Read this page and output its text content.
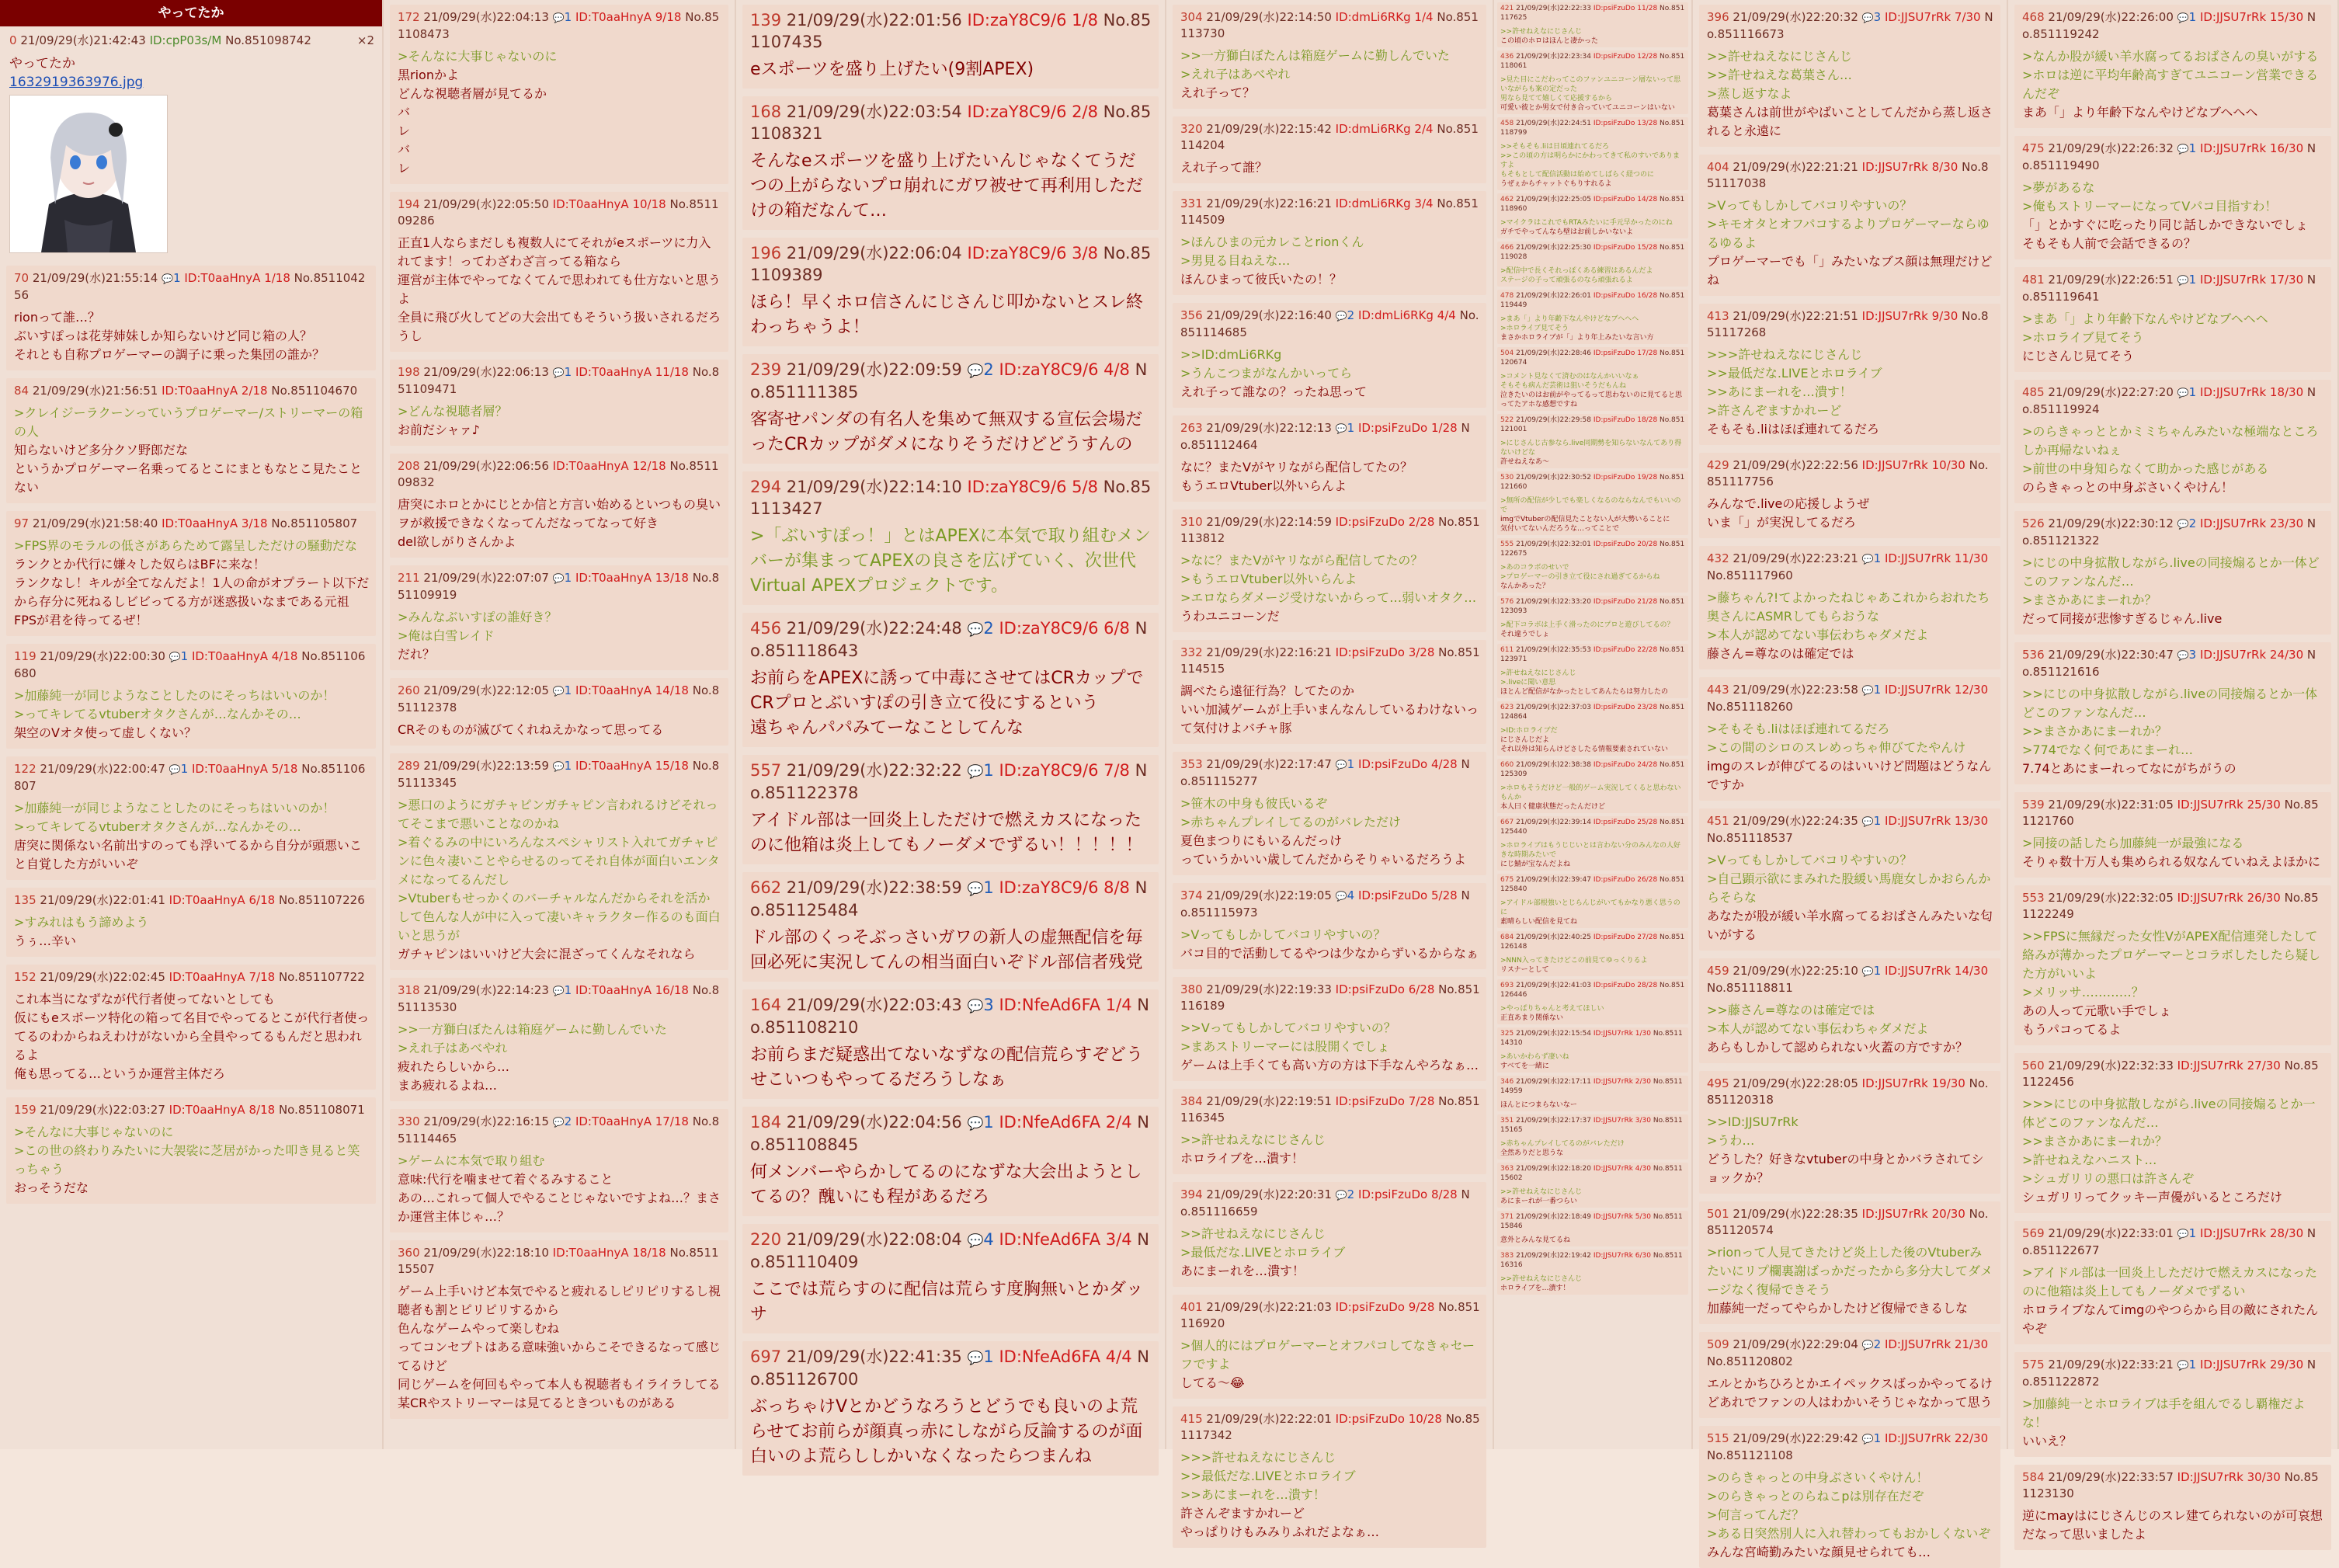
やってたか
0 21/09/29(水)21:42:43 ID:cpP03s/M No.851098742	×2
やってたか
1632919363976.jpg
70 21/09/29(水)21:55:14 💬1 ID:T0aaHnyA 1/18 No.851104256
rionって誰…？
ぶいすぽっは花芽姉妹しか知らないけど同じ箱の人？
それとも自称プロゲーマーの調子に乗った集団の誰か？
84 21/09/29(水)21:56:51 ID:T0aaHnyA 2/18 No.851104670
>クレイジーラクーンっていうプロゲーマー/ストリーマーの箱の人
知らないけど多分クソ野郎だな
というかプロゲーマー名乗ってるとこにまともなとこ見たことない
97 21/09/29(水)21:58:40 ID:T0aaHnyA 3/18 No.851105807
>FPS界のモラルの低さがあらためて露呈しただけの騒動だな
ランクとか代行に嫌々した奴らはBFに来な！
ランクなし！キルが全てなんだよ！1人の命がオプラート以下だから存分に死ねるしビビってる方が迷惑扱いなまである元祖FPSが君を待ってるぜ！
119 21/09/29(水)22:00:30 💬1 ID:T0aaHnyA 4/18 No.851106680
>加藤純一が同じようなことしたのにそっちはいいのか！
>ってキレてるvtuberオタクさんが…なんかその…
架空のVオタ使って虚しくない？
122 21/09/29(水)22:00:47 💬1 ID:T0aaHnyA 5/18 No.851106807
>加藤純一が同じようなことしたのにそっちはいいのか！
>ってキレてるvtuberオタクさんが…なんかその…
唐突に関係ない名前出すのっても浮いてるから自分が頭悪いこと自覚した方がいいぞ
135 21/09/29(水)22:01:41 ID:T0aaHnyA 6/18 No.851107226
>すみれはもう諦めよう
うぅ…辛い
152 21/09/29(水)22:02:45 ID:T0aaHnyA 7/18 No.851107722
これ本当になずなが代行者使ってないとしても
仮にもeスポーツ特化の箱って名目でやってるとこが代行者使ってるのわからねえわけがないから全員やってるもんだと思われるよ
俺も思ってる…というか運営主体だろ
159 21/09/29(水)22:03:27 ID:T0aaHnyA 8/18 No.851108071
>そんなに大事じゃないのに
>この世の終わりみたいに大袈裟に芝居がかった叩き見ると笑っちゃう
おっそうだな
172 21/09/29(水)22:04:13 💬1 ID:T0aaHnyA 9/18 No.851108473
>そんなに大事じゃないのに
黒rionかよ
どんな視聴者層が見てるか
バ
レ
バ
レ
194 21/09/29(水)22:05:50 ID:T0aaHnyA 10/18 No.851109286
正直1人ならまだしも複数人にてそれがeスポーツに力入れてます！ってわざわざ言ってる箱なら
運営が主体でやってなくてんで思われても仕方ないと思うよ
全員に飛び火してどの大会出てもそういう扱いされるだろうし
198 21/09/29(水)22:06:13 💬1 ID:T0aaHnyA 11/18 No.851109471
>どんな視聴者層？
お前だシャァ♪
208 21/09/29(水)22:06:56 ID:T0aaHnyA 12/18 No.851109832
唐突にホロとかにじとか信と方言い始めるといつもの臭いヲが救援できなくなってんだなってなって好き
del欲しがりさんかよ
211 21/09/29(水)22:07:07 💬1 ID:T0aaHnyA 13/18 No.851109919
>みんなぶいすぽの誰好き？
>俺は白雪レイド
だれ？
260 21/09/29(水)22:12:05 💬1 ID:T0aaHnyA 14/18 No.851112378
CRそのものが滅びてくれねえかなって思ってる
289 21/09/29(水)22:13:59 💬1 ID:T0aaHnyA 15/18 No.851113345
>悪口のようにガチャピンガチャピン言われるけどそれってそこまで悪いことなのかね
>着ぐるみの中にいろんなスペシャリスト入れてガチャピンに色々凄いことやらせるのってそれ自体が面白いエンタメになってるんだし
>Vtuberもせっかくのバーチャルなんだからそれを活かして色んな人が中に入って凄いキャラクター作るのも面白いと思うが
ガチャピンはいいけど大会に混ざってくんなそれなら
318 21/09/29(水)22:14:23 💬1 ID:T0aaHnyA 16/18 No.851113530
>>一方獅白ぼたんは箱庭ゲームに勤しんでいた
>えれ子はあべやれ
疲れたらしいから…
まあ疲れるよね…
330 21/09/29(水)22:16:15 💬2 ID:T0aaHnyA 17/18 No.851114465
>ゲームに本気で取り組む
意味:代行を噛ませて着ぐるみすること
あの…これって個人でやることじゃないですよね…？まさか運営主体じゃ…？
360 21/09/29(水)22:18:10 ID:T0aaHnyA 18/18 No.851115507
ゲーム上手いけど本気でやると疲れるしピリピリするし視聴者も割とピリピリするから
色んなゲームやって楽しむね
ってコンセプトはある意味強いからこそできるなって感じてるけど
同じゲームを何回もやって本人も視聴者もイライラしてる某CRやストリーマーは見てるときついものがある
139 21/09/29(水)22:01:56 ID:zaY8C9/6 1/8 No.851107435
eスポーツを盛り上げたい(9割APEX)
168 21/09/29(水)22:03:54 ID:zaY8C9/6 2/8 No.851108321
そんなeスポーツを盛り上げたいんじゃなくてうだつの上がらないプロ崩れにガワ被せて再利用しただけの箱だなんて…
196 21/09/29(水)22:06:04 ID:zaY8C9/6 3/8 No.851109389
ほら！早くホロ信さんにじさんじ叩かないとスレ終わっちゃうよ！
239 21/09/29(水)22:09:59 💬2 ID:zaY8C9/6 4/8 No.851111385
客寄せパンダの有名人を集めて無双する宣伝会場だったCRカップがダメになりそうだけどどうすんの
294 21/09/29(水)22:14:10 ID:zaY8C9/6 5/8 No.851113427
>「ぶいすぽっ！」とはAPEXに本気で取り組むメンバーが集まってAPEXの良さを広げていく、次世代Virtual APEXプロジェクトです。
456 21/09/29(水)22:24:48 💬2 ID:zaY8C9/6 6/8 No.851118643
お前らをAPEXに誘って中毒にさせてはCRカップでCRプロとぶいすぽの引き立て役にするという
遠ちゃんパパみてーなことしてんな
557 21/09/29(水)22:32:22 💬1 ID:zaY8C9/6 7/8 No.851122378
アイドル部は一回炎上しただけで燃えカスになったのに他箱は炎上してもノーダメでずるい！！！！！
662 21/09/29(水)22:38:59 💬1 ID:zaY8C9/6 8/8 No.851125484
ドル部のくっそぶっさいガワの新人の虚無配信を毎回必死に実況してんの相当面白いぞドル部信者残党
164 21/09/29(水)22:03:43 💬3 ID:NfeAd6FA 1/4 No.851108210
お前らまだ疑惑出てないなずなの配信荒らすぞどうせこいつもやってるだろうしなぁ
184 21/09/29(水)22:04:56 💬1 ID:NfeAd6FA 2/4 No.851108845
何メンバーやらかしてるのになずな大会出ようとしてるの？醜いにも程があるだろ
220 21/09/29(水)22:08:04 💬4 ID:NfeAd6FA 3/4 No.851110409
ここでは荒らすのに配信は荒らす度胸無いとかダッサ
697 21/09/29(水)22:41:35 💬1 ID:NfeAd6FA 4/4 No.851126700
ぶっちゃけVとかどうなろうとどうでも良いのよ荒らせてお前らが顔真っ赤にしながら反論するのが面白いのよ荒らししかいなくなったらつまんね
304 21/09/29(水)22:14:50 ID:dmLi6RKg 1/4 No.851113730
>>一方獅白ぼたんは箱庭ゲームに勤しんでいた
>えれ子はあべやれ
えれ子って？
320 21/09/29(水)22:15:42 ID:dmLi6RKg 2/4 No.851114204
えれ子って誰？
331 21/09/29(水)22:16:21 ID:dmLi6RKg 3/4 No.851114509
>ほんひまの元カレことrionくん
>男見る目ねえな…
ほんひまって彼氏いたの！？
356 21/09/29(水)22:16:40 💬2 ID:dmLi6RKg 4/4 No.851114685
>>ID:dmLi6RKg
>うんこつまがなんかいってら
えれ子って誰なの？ったね思って
263 21/09/29(水)22:12:13 💬1 ID:psiFzuDo 1/28 No.851112464
なに？またVがヤリながら配信してたの？
もうエロVtuber以外いらんよ
310 21/09/29(水)22:14:59 ID:psiFzuDo 2/28 No.851113812
>なに？またVがヤリながら配信してたの？
>もうエロVtuber以外いらんよ
>エロならダメージ受けないからって…弱いオタク…
うわユニコーンだ
332 21/09/29(水)22:16:21 ID:psiFzuDo 3/28 No.851114515
調べたら遠征行為？してたのか
いい加減ゲームが上手いまんなんしているわけないって気付けよバチャ豚
353 21/09/29(水)22:17:47 💬1 ID:psiFzuDo 4/28 No.851115277
>笹木の中身も彼氏いるぞ
>赤ちゃんプレイしてるのがバレただけ
夏色まつりにもいるんだっけ
っていうかいい歳してんだからそりゃいるだろうよ
374 21/09/29(水)22:19:05 💬4 ID:psiFzuDo 5/28 No.851115973
>Vってもしかしてバコリやすいの？
バコ目的で活動してるやつは少なからずいるからなぁ
380 21/09/29(水)22:19:33 ID:psiFzuDo 6/28 No.851116189
>>Vってもしかしてバコリやすいの？
>まあストリーマーには股開くでしょ
ゲームは上手くても高い方の方は下手なんやろなぁ…
384 21/09/29(水)22:19:51 ID:psiFzuDo 7/28 No.851116345
>>許せねえなにじさんじ
ホロライブを…潰す！
394 21/09/29(水)22:20:31 💬2 ID:psiFzuDo 8/28 No.851116659
>>許せねえなにじさんじ
>最低だな.LIVEとホロライブ
あにまーれを…潰す！
401 21/09/29(水)22:21:03 ID:psiFzuDo 9/28 No.851116920
>個人的にはプロゲーマーとオフパコしてなきゃセーフですよ
してる〜😂
415 21/09/29(水)22:22:01 ID:psiFzuDo 10/28 No.851117342
>>>許せねえなにじさんじ
>>最低だな.LIVEとホロライブ
>>あにまーれを…潰す！
許さんぞますかれーど
やっぱりけもみみりふれだよなぁ…
421 21/09/29(水)22:22:33 ID:psiFzuDo 11/28 No.851117625
>>許せねえなにじさんじ
この頃のホロはほんと凄かった
436 21/09/29(水)22:23:34 ID:psiFzuDo 12/28 No.851118061
>見た目にこだわってこのファンユニコーン層ないって思いながらも案の定だった
男なら見てて嬉しくて応援するから
可愛い彼とか男女で付き合っていてユニコーンはいない
458 21/09/29(水)22:24:51 ID:psiFzuDo 13/28 No.851118799
>>そもそも.liは日頃連れてるだろ
>>この頃の方は明らかにかわってきて私のすいでありますよ
もそもとして配信活動は始めてしばらく経つのに
うぜぇからチャットぐもりすれるよ
462 21/09/29(水)22:25:05 ID:psiFzuDo 14/28 No.851118960
>マイクラはこれでもRTAみたいに手元早かったのにね
ガチでやってんなら壁はお前しかいないよ
466 21/09/29(水)22:25:30 ID:psiFzuDo 15/28 No.851119028
>配信中で長くそれっぽくある練習はあるんだよ
ステージの子って頑張るのなら頑張れるよ
478 21/09/29(水)22:26:01 ID:psiFzuDo 16/28 No.851119449
>まあ「」より年齢下なんやけどなブヘヘヘ
>ホロライブ見てそう
まさかホロライブが「」より年上みたいな言い方
504 21/09/29(水)22:28:46 ID:psiFzuDo 17/28 No.851120674
>コメント見なくて済むのはなんかいいなぁ
そもそも病んだ芸術は狙いそうだもんね
泣きたいのはお前がやってるって思わないのに見てると思ってたアホな感想ですね
522 21/09/29(水)22:29:58 ID:psiFzuDo 18/28 No.851121001
>にじさんじ古参なら.live同期勢を知らないなんてあり得ないけどな
許せねえなあ〜
530 21/09/29(水)22:30:52 ID:psiFzuDo 19/28 No.851121660
>無所の配信が少しでも楽しくなるのならなんでもいいので
imgでVtuberの配信見たことない人が大勢いることに
気付いてないんだろうな…ってことで
555 21/09/29(水)22:32:01 ID:psiFzuDo 20/28 No.851122675
>あのコラボのせいで
>プロゲーマーの引き立て役にされ過ぎてるからね
なんかあった？
576 21/09/29(水)22:33:20 ID:psiFzuDo 21/28 No.851123093
>配下コラボは上手く滑ったのにプロと遊びしてるの？
それ違うでしょ
611 21/09/29(水)22:35:53 ID:psiFzuDo 22/28 No.851123971
>許せねえなにじさんじ
>.liveに聞い意思
ほとんど配信がなかったとしてあんたらは努力したの
623 21/09/29(水)22:37:03 ID:psiFzuDo 23/28 No.851124864
>ID:ホロライブだ
にじさんじだよ
それ以外は知らんけどさしたる情報要素されていない
660 21/09/29(水)22:38:38 ID:psiFzuDo 24/28 No.851125309
>ホロもそうだけど一般的ゲーム実況してくると思わないもんか
本人曰く健康状態だったんだけど
667 21/09/29(水)22:39:14 ID:psiFzuDo 25/28 No.851125440
>ホロライブはもうじじいとは言わない分のみんなの人好きな時期みたいで
にじ鯖が宝なんだよね
675 21/09/29(水)22:39:47 ID:psiFzuDo 26/28 No.851125840
>アイドル部根強いとじらんじがいてもかなり悪く思うのに
素晴らしい配信を見てね
684 21/09/29(水)22:40:25 ID:psiFzuDo 27/28 No.851126148
>NNN入ってきたけどこの前見てゆっくりるよ
リスナーとして
693 21/09/29(水)22:41:03 ID:psiFzuDo 28/28 No.851126446
>やっぱりちゃんと考えてほしい
正直あまり関係ない
325 21/09/29(水)22:15:54 ID:JJSU7rRk 1/30 No.851114310
>あいかわらず凄いね
すべてを一緒に
346 21/09/29(水)22:17:11 ID:JJSU7rRk 2/30 No.851114959
ほんとにつまらないなー
351 21/09/29(水)22:17:37 ID:JJSU7rRk 3/30 No.851115165
>赤ちゃんプレイしてるのがバレただけ
全然ありだと思うな
363 21/09/29(水)22:18:20 ID:JJSU7rRk 4/30 No.851115602
>>許せねえなにじさんじ
あにまーれが一番つらい
371 21/09/29(水)22:18:49 ID:JJSU7rRk 5/30 No.851115846
意外とみんな見てるね
383 21/09/29(水)22:19:42 ID:JJSU7rRk 6/30 No.851116316
>>許せねえなにじさんじ
ホロライブを…潰す！
396 21/09/29(水)22:20:32 💬3 ID:JJSU7rRk 7/30 No.851116673
>>許せねえなにじさんじ
>>許せねえな葛葉さん…
>蒸し返すなよ
葛葉さんは前世がやばいことしてんだから蒸し返されると永遠に
404 21/09/29(水)22:21:21 ID:JJSU7rRk 8/30 No.851117038
>Vってもしかしてバコリやすいの？
>キモオタとオフパコするよりプロゲーマーならゆるゆるよ
プロゲーマーでも「」みたいなブス顔は無理だけどね
413 21/09/29(水)22:21:51 ID:JJSU7rRk 9/30 No.851117268
>>>許せねえなにじさんじ
>>最低だな.LIVEとホロライブ
>>あにまーれを…潰す！
>許さんぞますかれーど
そもそも.liはほぼ連れてるだろ
429 21/09/29(水)22:22:56 ID:JJSU7rRk 10/30 No.851117756
みんなで.liveの応援しようぜ
いま「」が実況してるだろ
432 21/09/29(水)22:23:21 💬1 ID:JJSU7rRk 11/30 No.851117960
>藤ちゃん?!てよかったねじゃあこれからおれたち奥さんにASMRしてもらおうな
>本人が認めてない事伝わちゃダメだよ
藤さん=尊なのは確定では
443 21/09/29(水)22:23:58 💬1 ID:JJSU7rRk 12/30 No.851118260
>そもそも.liはほぼ連れてるだろ
>この間のシロのスレめっちゃ伸びてたやんけ
imgのスレが伸びてるのはいいけど問題はどうなんですか
451 21/09/29(水)22:24:35 💬1 ID:JJSU7rRk 13/30 No.851118537
>Vってもしかしてバコリやすいの？
>自己顕示欲にまみれた股緩い馬鹿女しかおらんからそらな
あなたが股が緩い羊水腐ってるおばさんみたいな匂いがする
459 21/09/29(水)22:25:10 💬1 ID:JJSU7rRk 14/30 No.851118811
>>藤さん=尊なのは確定では
>本人が認めてない事伝わちゃダメだよ
あらもしかして認められない火蓋の方ですか？
495 21/09/29(水)22:28:05 ID:JJSU7rRk 19/30 No.851120318
>>ID:JJSU7rRk
>うわ…
どうした？好きなvtuberの中身とかバラされてショックか？
501 21/09/29(水)22:28:35 ID:JJSU7rRk 20/30 No.851120574
>rionって人見てきたけど炎上した後のVtuberみたいにリプ欄裏謝ばっかだったから多分大してダメージなく復帰できそう
加藤純一だってやらかしたけど復帰できるしな
509 21/09/29(水)22:29:04 💬2 ID:JJSU7rRk 21/30 No.851120802
エルとかちひろとかエイペックスばっかやってるけどあれでファンの人はわかいそうじゃなかって思う
515 21/09/29(水)22:29:42 💬1 ID:JJSU7rRk 22/30 No.851121108
>のらきゃっとの中身ぶさいくやけん！
>のらきゃっとのらねこpは別存在だぞ
>何言ってんだ？
>ある日突然別人に入れ替わってもおかしくないぞ
みんな宮崎勤みたいな顔見せられても…
468 21/09/29(水)22:26:00 💬1 ID:JJSU7rRk 15/30 No.851119242
>なんか股が緩い羊水腐ってるおばさんの臭いがする
>ホロは逆に平均年齢高すぎてユニコーン営業できるんだぞ
まあ「」より年齢下なんやけどなブヘヘヘ
475 21/09/29(水)22:26:32 💬1 ID:JJSU7rRk 16/30 No.851119490
>夢があるな
>俺もストリーマーになってVパコ目指すわ！
「」とかすぐに吃ったり同じ話しかできないでしょ
そもそも人前で会話できるの？
481 21/09/29(水)22:26:51 💬1 ID:JJSU7rRk 17/30 No.851119641
>まあ「」より年齢下なんやけどなブヘヘヘ
>ホロライブ見てそう
にじさんじ見てそう
485 21/09/29(水)22:27:20 💬1 ID:JJSU7rRk 18/30 No.851119924
>のらきゃっととかミミちゃんみたいな極端なところしか再帰ないねぇ
>前世の中身知らなくて助かった感じがある
のらきゃっとの中身ぶさいくやけん！
526 21/09/29(水)22:30:12 💬2 ID:JJSU7rRk 23/30 No.851121322
>にじの中身拡散しながら.liveの同接煽るとか一体どこのファンなんだ…
>まさかあにまーれか？
だって同接が悲惨すぎるじゃん.live
536 21/09/29(水)22:30:47 💬3 ID:JJSU7rRk 24/30 No.851121616
>>にじの中身拡散しながら.liveの同接煽るとか一体どこのファンなんだ…
>>まさかあにまーれか？
>774でなく何であにまーれ…
7.74とあにまーれってなにがちがうの
539 21/09/29(水)22:31:05 ID:JJSU7rRk 25/30 No.851121760
>同接の話したら加藤純一が最強になる
そりゃ数十万人も集められる奴なんていねえよほかに
553 21/09/29(水)22:32:05 ID:JJSU7rRk 26/30 No.851122249
>>FPSに無縁だった女性VがAPEX配信連発したして絡みが薄かったプロゲーマーとコラボしたしたら疑した方がいいよ
>メリッサ…………？
あの人って元歌い手でしょ
もうパコってるよ
560 21/09/29(水)22:32:33 ID:JJSU7rRk 27/30 No.851122456
>>>にじの中身拡散しながら.liveの同接煽るとか一体どこのファンなんだ…
>>まさかあにまーれか？
>許せねえなハニスト…
>シュガリリの悪口は許さんぞ
シュガリリってクッキー声優がいるところだけ
569 21/09/29(水)22:33:01 💬1 ID:JJSU7rRk 28/30 No.851122677
>アイドル部は一回炎上しただけで燃えカスになったのに他箱は炎上してもノーダメでずるい
ホロライブなんてimgのやつらから目の敵にされたんやぞ
575 21/09/29(水)22:33:21 💬1 ID:JJSU7rRk 29/30 No.851122872
>加藤純一とホロライブは手を組んでるし覇権だよな！
いいえ？
584 21/09/29(水)22:33:57 ID:JJSU7rRk 30/30 No.851123130
逆にmayはにじさんじのスレ建てられないのが可哀想だなって思いましたよ
